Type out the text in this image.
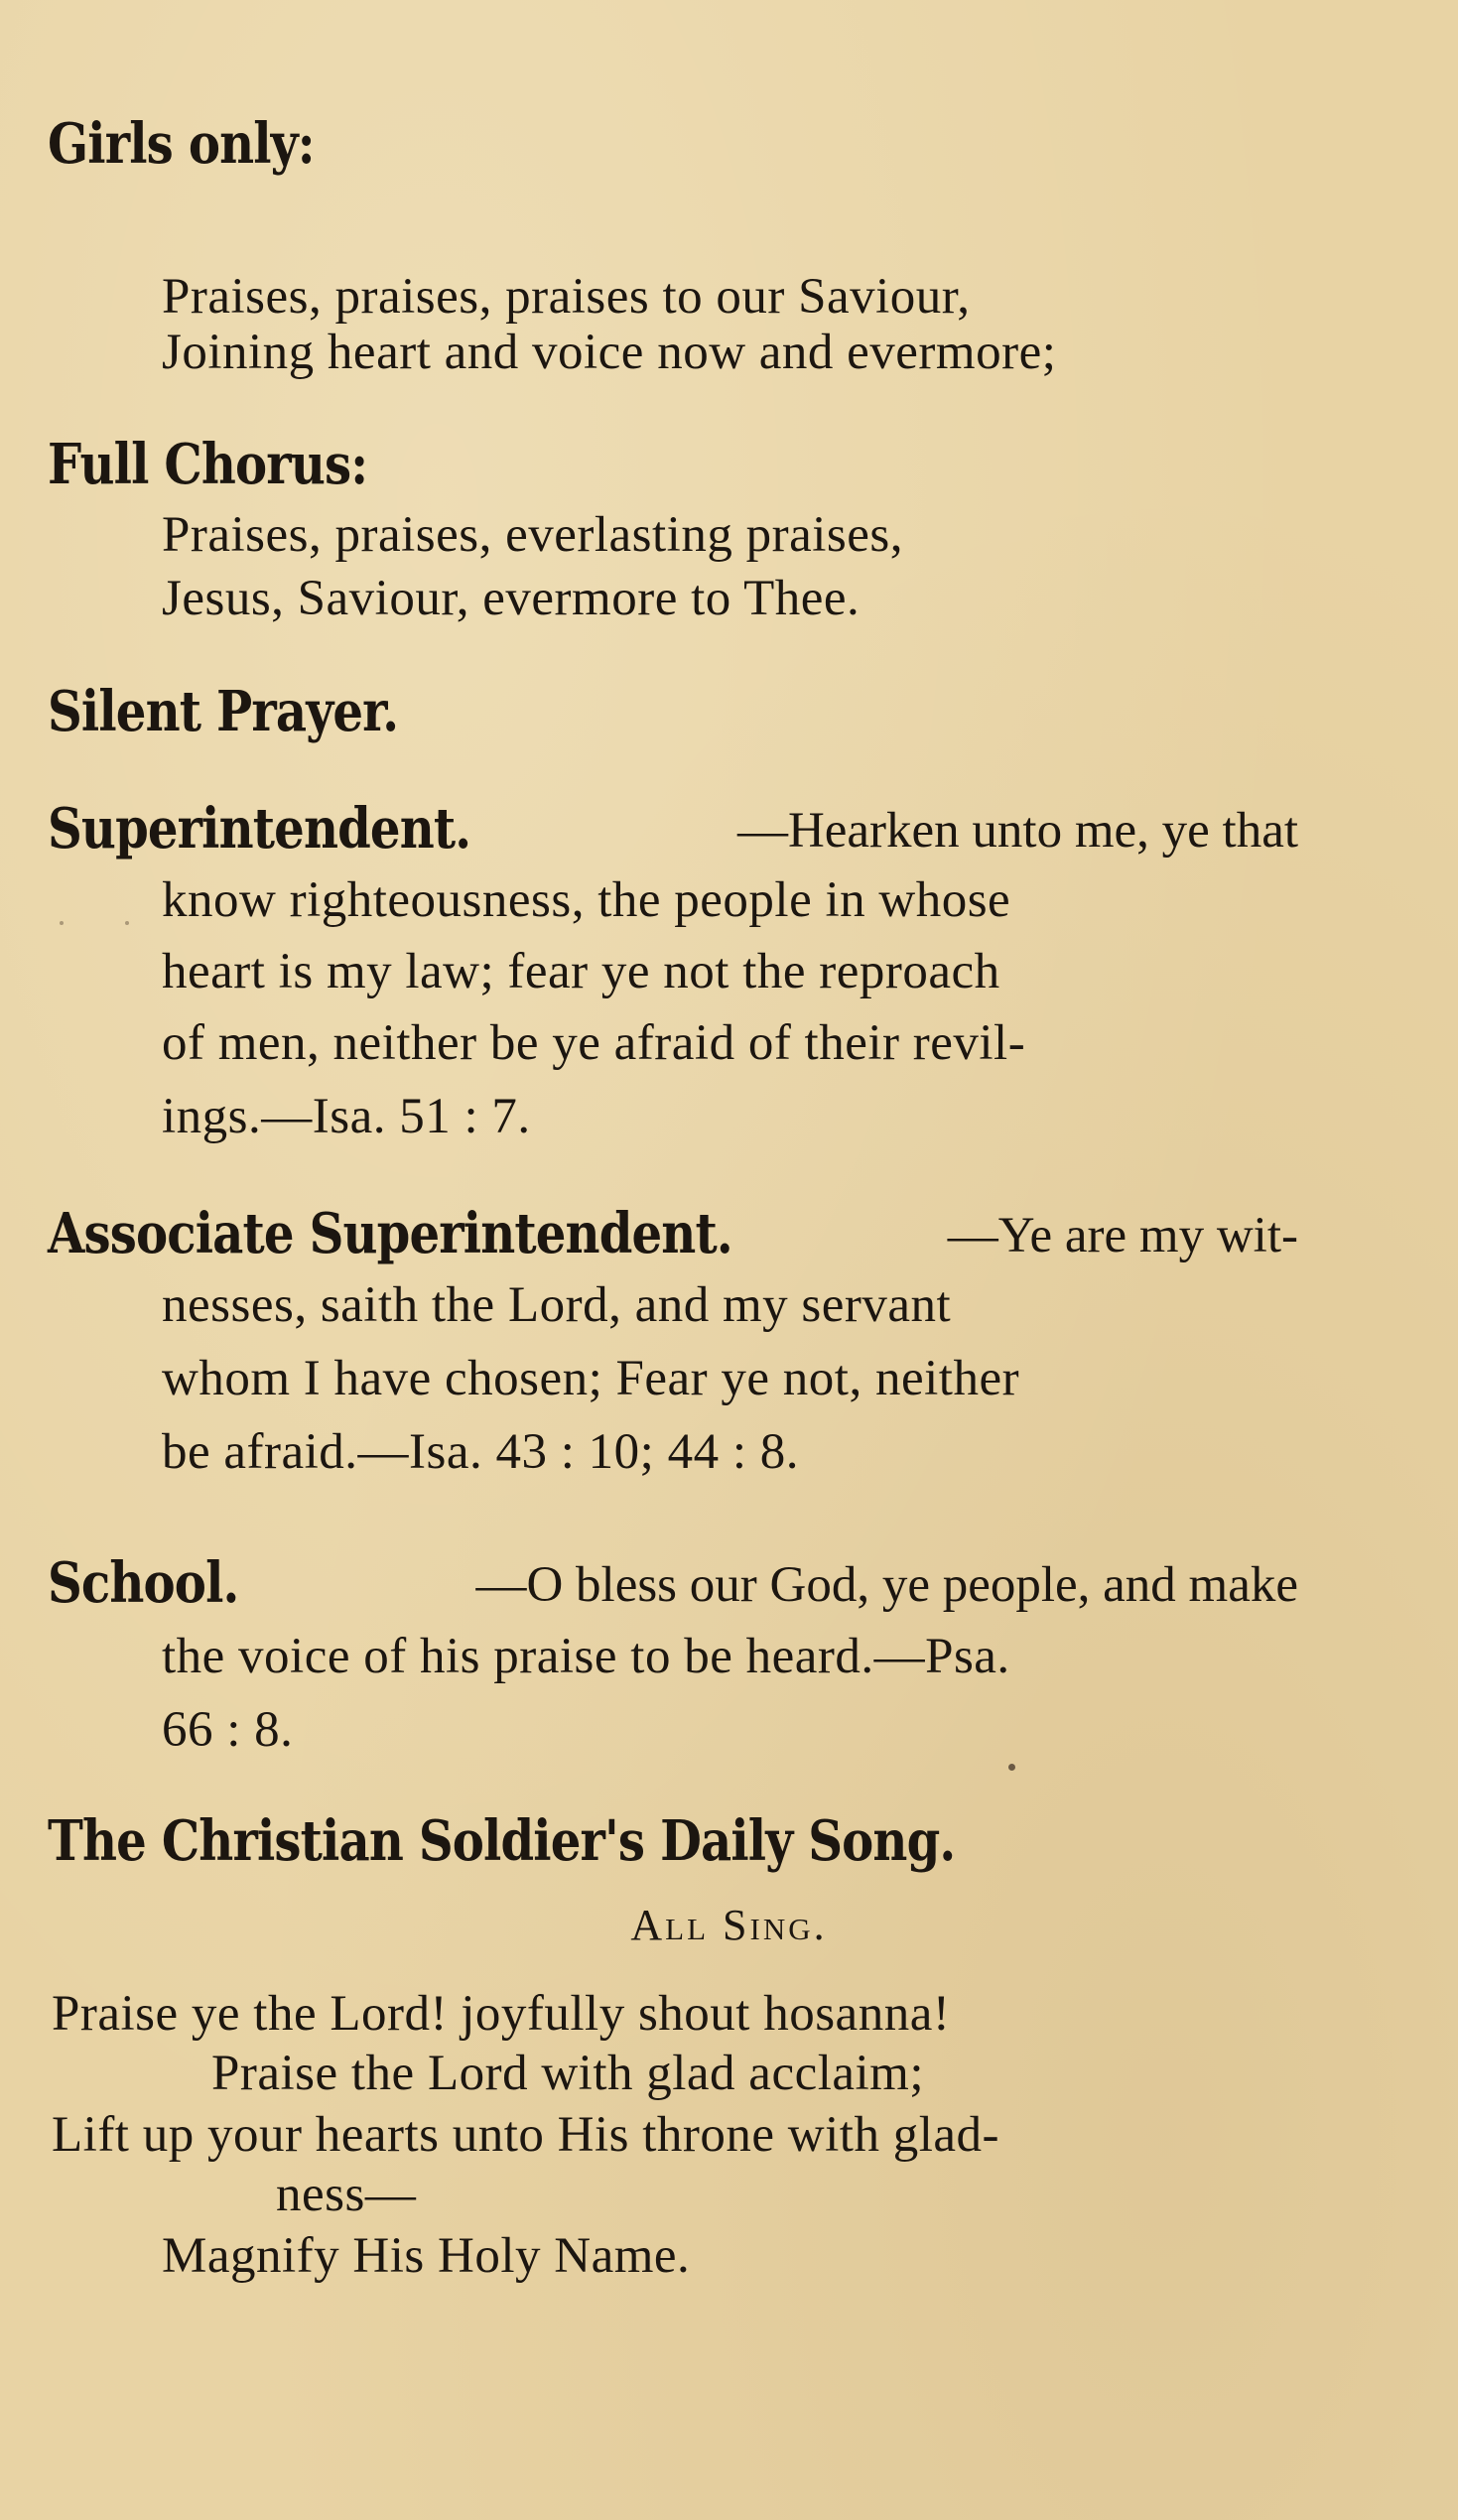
Girls only:
Praises, praises, praises to our Saviour,
Joining heart and voice now and evermore;
Full Chorus:
Praises, praises, everlasting praises,
Jesus, Saviour, evermore to Thee.
Silent Prayer.
Superintendent.	—Hearken unto me, ye that
know righteousness, the people in whose
heart is my law; fear ye not the reproach
of men, neither be ye afraid of their revil-
ings.—Isa. 51 : 7.
Associate Superintendent.	—Ye are my wit-
nesses, saith the Lord, and my servant
whom I have chosen; Fear ye not, neither
be afraid.—Isa. 43 : 10; 44 : 8.
School.	—O bless our God, ye people, and make
the voice of his praise to be heard.—Psa.
66 : 8.
The Christian Soldier's Daily Song.
All Sing.
Praise ye the Lord! joyfully shout hosanna!
Praise the Lord with glad acclaim;
Lift up your hearts unto His throne with glad-
ness—
Magnify His Holy Name.
